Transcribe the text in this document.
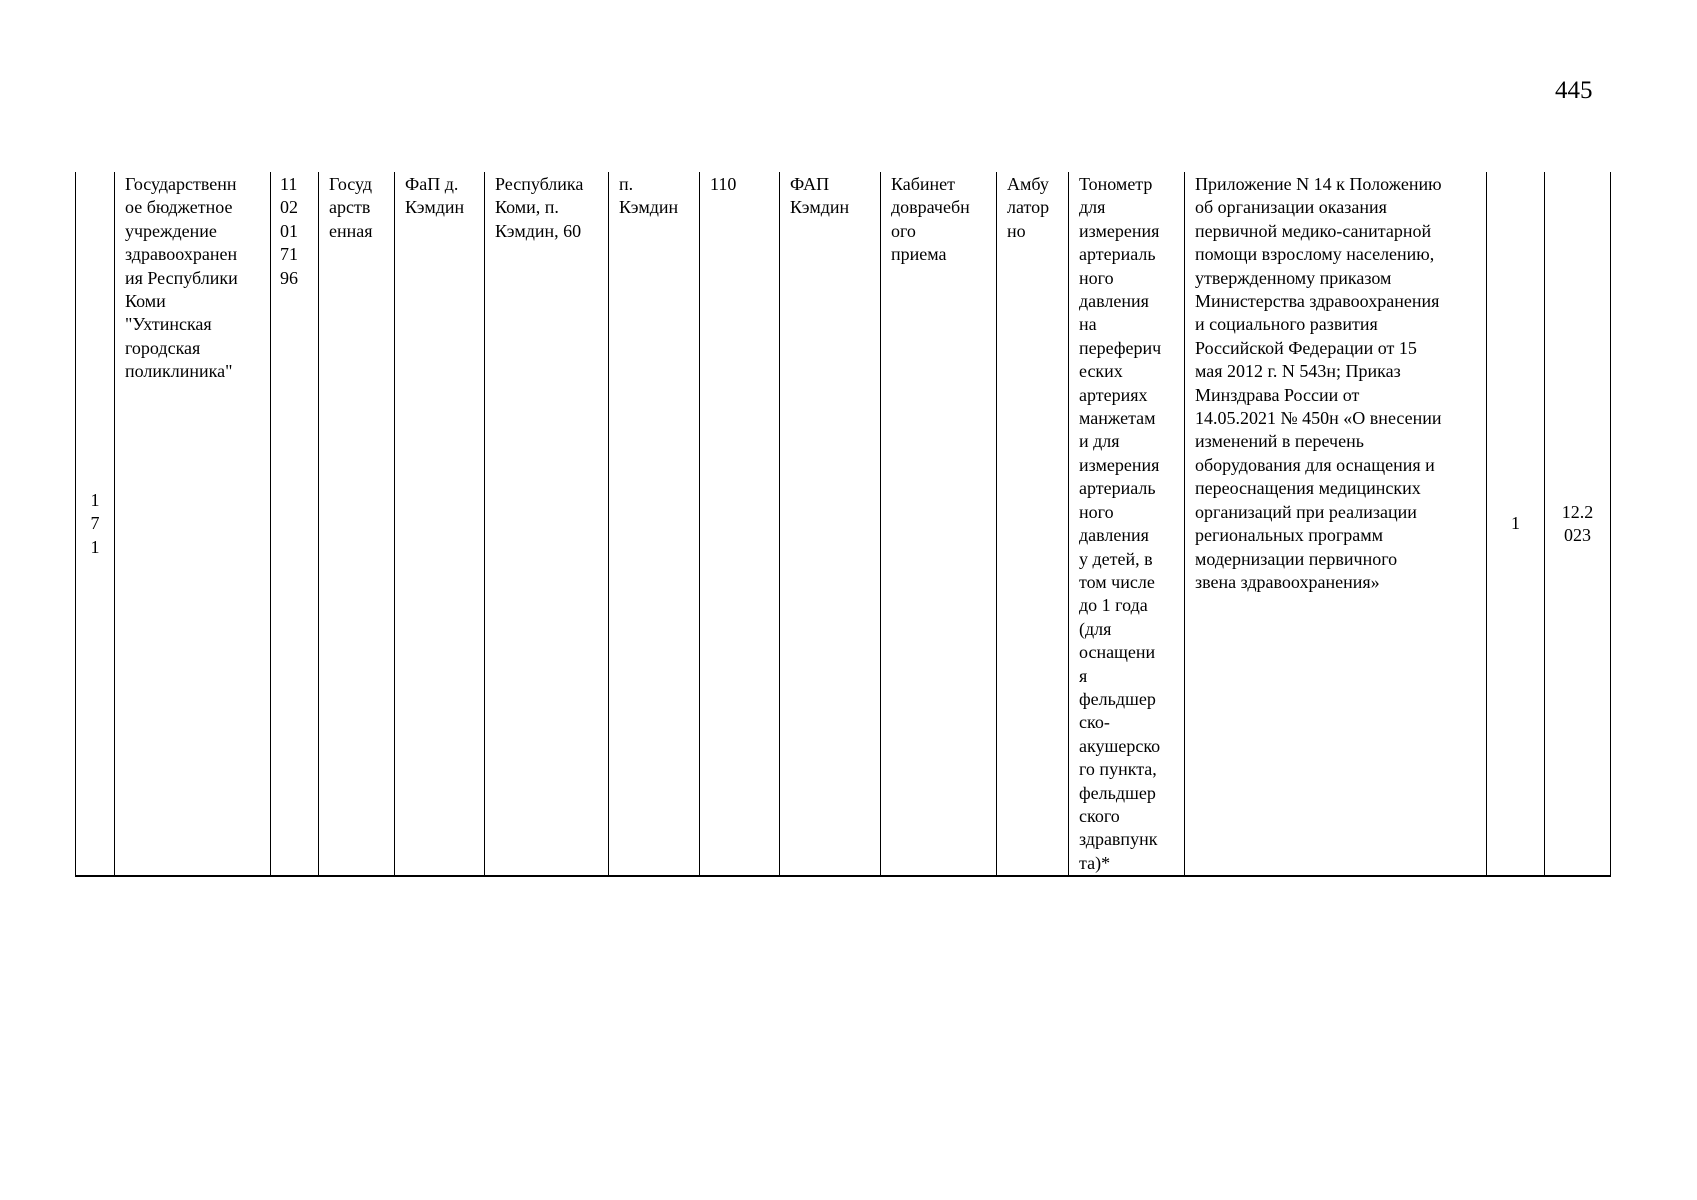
445
1
7
1	Государственн
ое бюджетное
учреждение
здравоохранен
ия Республики
Коми
"Ухтинская
городская
поликлиника"	11
02
01
71
96	Госуд
арств
енная	ФаП д.
Кэмдин	Республика
Коми, п.
Кэмдин, 60	п.
Кэмдин	110	ФАП
Кэмдин	Кабинет
доврачебн
ого
приема	Амбу
латор
но	Тонометр
для
измерения
артериаль
ного
давления
на
переферич
еских
артериях
манжетам
и для
измерения
артериаль
ного
давления
у детей, в
том числе
до 1 года
(для
оснащени
я
фельдшер
ско-
акушерско
го пункта,
фельдшер
ского
здравпунк
та)*	Приложение N 14 к Положению
об организации оказания
первичной медико-санитарной
помощи взрослому населению,
утвержденному приказом
Министерства здравоохранения
и социального развития
Российской Федерации от 15
мая 2012 г. N 543н; Приказ
Минздрава России от
14.05.2021 № 450н «О внесении
изменений в перечень
оборудования для оснащения и
переоснащения медицинских
организаций при реализации
региональных программ
модернизации первичного
звена здравоохранения»	1	12.2
023
